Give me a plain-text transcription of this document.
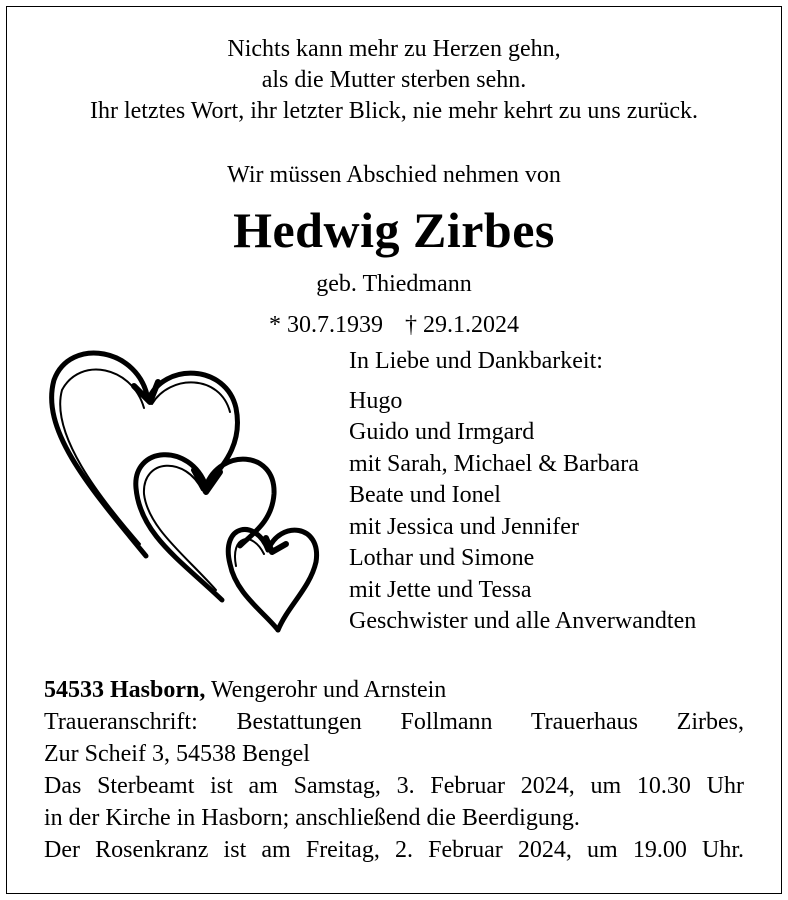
Nichts kann mehr zu Herzen gehn,
als die Mutter sterben sehn.
Ihr letztes Wort, ihr letzter Blick, nie mehr kehrt zu uns zurück.
Wir müssen Abschied nehmen von
Hedwig Zirbes
geb. Thiedmann
* 30.7.1939 † 29.1.2024
In Liebe und Dankbarkeit:
Hugo
Guido und Irmgard
mit Sarah, Michael & Barbara
Beate und Ionel
mit Jessica und Jennifer
Lothar und Simone
mit Jette und Tessa
Geschwister und alle Anverwandten
54533 Hasborn, Wengerohr und Arnstein
Traueranschrift: Bestattungen Follmann Trauerhaus Zirbes,
Zur Scheif 3, 54538 Bengel
Das Sterbeamt ist am Samstag, 3. Februar 2024, um 10.30 Uhr
in der Kirche in Hasborn; anschließend die Beerdigung.
Der Rosenkranz ist am Freitag, 2. Februar 2024, um 19.00 Uhr.
